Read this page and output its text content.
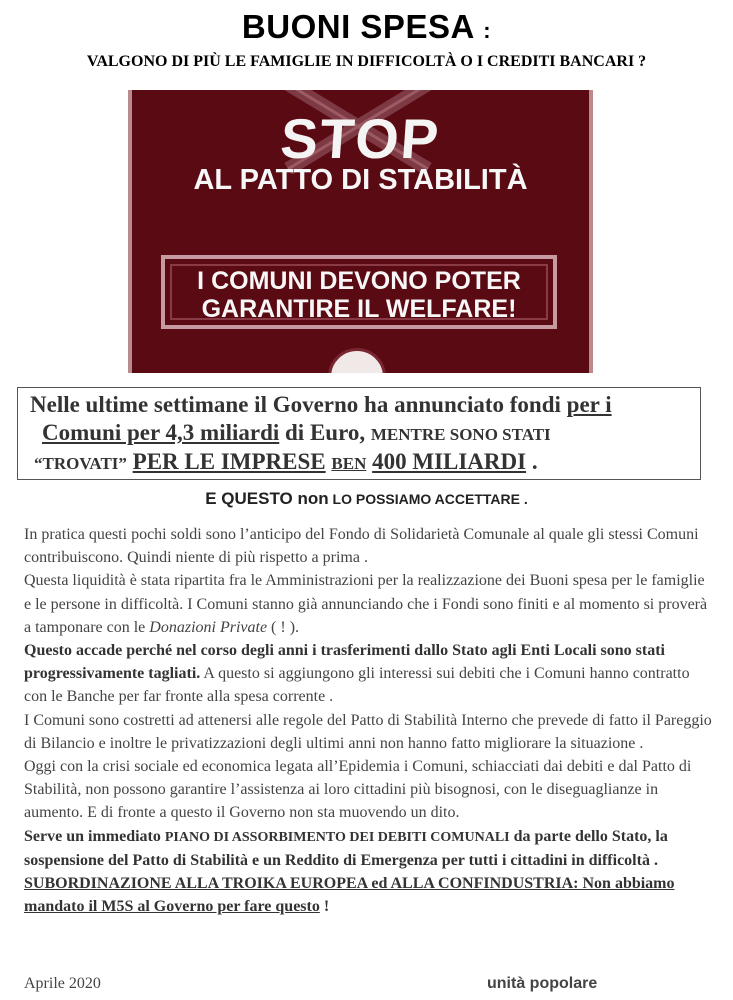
BUONI SPESA :
VALGONO DI PIÙ LE FAMIGLIE IN DIFFICOLTÀ O I CREDITI BANCARI ?
STOP
AL PATTO DI STABILITÀ
I COMUNI DEVONO POTER
GARANTIRE IL WELFARE!
Nelle ultime settimane il Governo ha annunciato fondi per i
Comuni per 4,3 miliardi di Euro, MENTRE SONO STATI
“TROVATI” PER LE IMPRESE BEN 400 MILIARDI .
E QUESTO non LO POSSIAMO ACCETTARE .

In pratica questi pochi soldi sono l’anticipo del Fondo di Solidarietà Comunale al quale gli stessi Comuni contribuiscono. Quindi niente di più rispetto a prima .

Questa liquidità è stata ripartita fra le Amministrazioni per la realizzazione dei Buoni spesa per le famiglie e le persone in difficoltà. I Comuni stanno già annunciando che i Fondi sono finiti e al momento si proverà a tamponare con le Donazioni Private ( ! ).

Questo accade perché nel corso degli anni i trasferimenti dallo Stato agli Enti Locali sono stati progressivamente tagliati. A questo si aggiungono gli interessi sui debiti che i Comuni hanno contratto con le Banche per far fronte alla spesa corrente .

I Comuni sono costretti ad attenersi alle regole del Patto di Stabilità Interno che prevede di fatto il Pareggio di Bilancio e inoltre le privatizzazioni degli ultimi anni non hanno fatto migliorare la situazione .

Oggi con la crisi sociale ed economica legata all’Epidemia i Comuni, schiacciati dai debiti e dal Patto di Stabilità, non possono garantire l’assistenza ai loro cittadini più bisognosi, con le diseguaglianze in aumento. E di fronte a questo il Governo non sta muovendo un dito.

Serve un immediato PIANO DI ASSORBIMENTO DEI DEBITI COMUNALI da parte dello Stato, la sospensione del Patto di Stabilità e un Reddito di Emergenza per tutti i cittadini in difficoltà .

SUBORDINAZIONE ALLA TROIKA EUROPEA ed ALLA CONFINDUSTRIA: Non abbiamo mandato il M5S al Governo per fare questo !

Aprile 2020	unità popolare
